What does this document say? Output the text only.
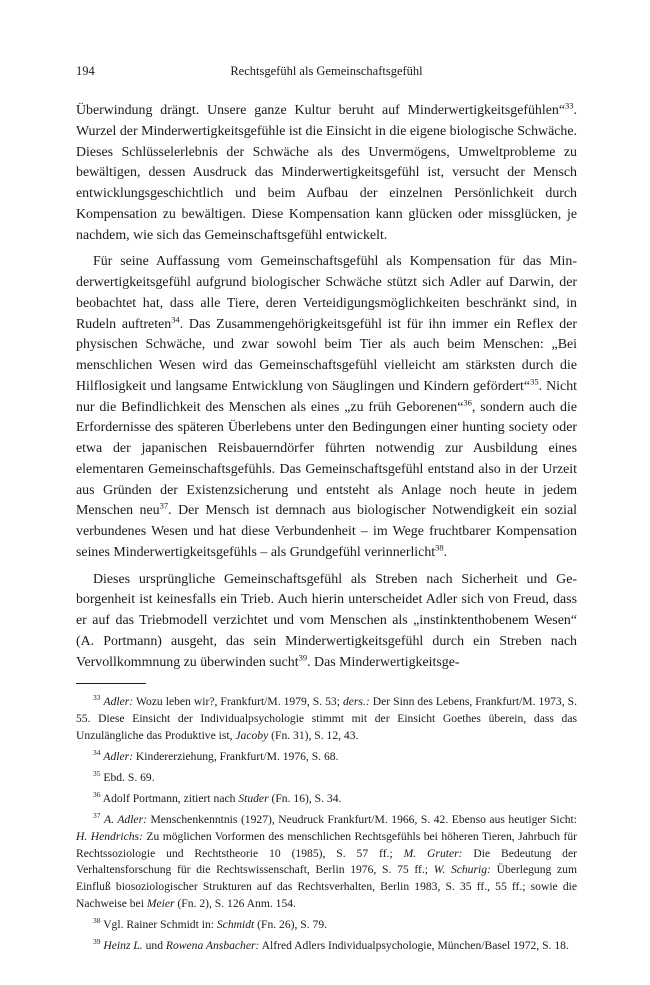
194	Rechtsgefühl als Gemeinschaftsgefühl

Überwindung drängt. Unsere ganze Kultur beruht auf Minderwertigkeitsgefühlen“$^{33}$. Wurzel der Minderwertigkeitsgefühle ist die Einsicht in die eigene biologische Schwäche. Dieses Schlüsselerlebnis der Schwäche als des Unvermögens, Umweltprobleme zu bewältigen, dessen Ausdruck das Minderwertigkeitsgefühl ist, versucht der Mensch entwicklungsgeschichtlich und beim Aufbau der einzelnen Persönlichkeit durch Kompensation zu bewältigen. Diese Kompensation kann glücken oder missglücken, je nachdem, wie sich das Gemeinschaftsgefühl entwickelt.

Für seine Auffassung vom Gemeinschaftsgefühl als Kompensation für das Minderwertigkeitsgefühl aufgrund biologischer Schwäche stützt sich Adler auf Darwin, der beobachtet hat, dass alle Tiere, deren Verteidigungsmöglichkeiten beschränkt sind, in Rudeln auftreten$^{34}$. Das Zusammengehörigkeitsgefühl ist für ihn immer ein Reflex der physischen Schwäche, und zwar sowohl beim Tier als auch beim Menschen: „Bei menschlichen Wesen wird das Gemeinschaftsgefühl vielleicht am stärksten durch die Hilflosigkeit und langsame Entwicklung von Säuglingen und Kindern gefördert“$^{35}$. Nicht nur die Befindlichkeit des Menschen als eines „zu früh Geborenen“$^{36}$, sondern auch die Erfordernisse des späteren Überlebens unter den Bedingungen einer hunting society oder etwa der japanischen Reisbauerndörfer führten notwendig zur Ausbildung eines elementaren Gemeinschaftsgefühls. Das Gemeinschaftsgefühl entstand also in der Urzeit aus Gründen der Existenzsicherung und entsteht als Anlage noch heute in jedem Menschen neu$^{37}$. Der Mensch ist demnach aus biologischer Notwendigkeit ein sozial verbundenes Wesen und hat diese Verbundenheit – im Wege fruchtbarer Kompensation seines Minderwertigkeitsgefühls – als Grundgefühl verinnerlicht$^{38}$.

Dieses ursprüngliche Gemeinschaftsgefühl als Streben nach Sicherheit und Geborgenheit ist keinesfalls ein Trieb. Auch hierin unterscheidet Adler sich von Freud, dass er auf das Triebmodell verzichtet und vom Menschen als „instinktenthobenem Wesen“ (A. Portmann) ausgeht, das sein Minderwertigkeitsgefühl durch ein Streben nach Vervollkommnung zu überwinden sucht$^{39}$. Das Minderwertigkeitsge-

$^{33}$ Adler: Wozu leben wir?, Frankfurt/M. 1979, S. 53; ders.: Der Sinn des Lebens, Frankfurt/M. 1973, S. 55. Diese Einsicht der Individualpsychologie stimmt mit der Einsicht Goethes überein, dass das Unzulängliche das Produktive ist, Jacoby (Fn. 31), S. 12, 43.

$^{34}$ Adler: Kindererziehung, Frankfurt/M. 1976, S. 68.

$^{35}$ Ebd. S. 69.

$^{36}$ Adolf Portmann, zitiert nach Studer (Fn. 16), S. 34.

$^{37}$ A. Adler: Menschenkenntnis (1927), Neudruck Frankfurt/M. 1966, S. 42. Ebenso aus heutiger Sicht: H. Hendrichs: Zu möglichen Vorformen des menschlichen Rechtsgefühls bei höheren Tieren, Jahrbuch für Rechtssoziologie und Rechtstheorie 10 (1985), S. 57 ff.; M. Gruter: Die Bedeutung der Verhaltensforschung für die Rechtswissenschaft, Berlin 1976, S. 75 ff.; W. Schurig: Überlegung zum Einfluß biosoziologischer Strukturen auf das Rechtsverhalten, Berlin 1983, S. 35 ff., 55 ff.; sowie die Nachweise bei Meier (Fn. 2), S. 126 Anm. 154.

$^{38}$ Vgl. Rainer Schmidt in: Schmidt (Fn. 26), S. 79.

$^{39}$ Heinz L. und Rowena Ansbacher: Alfred Adlers Individualpsychologie, München/Basel 1972, S. 18.
